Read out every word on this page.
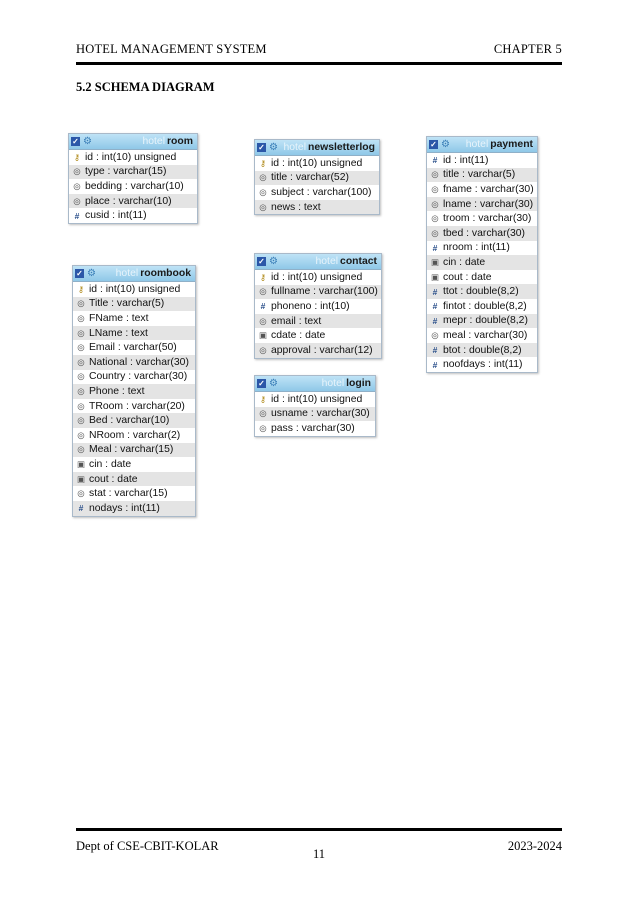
HOTEL MANAGEMENT SYSTEM	CHAPTER 5
5.2 SCHEMA DIAGRAM
✓ ⚙	hotel room
⚷ id : int(10) unsigned
◎ type : varchar(15)
◎ bedding : varchar(10)
◎ place : varchar(10)
# cusid : int(11)
✓ ⚙ hotel newsletterlog
⚷ id : int(10) unsigned
◎ title : varchar(52)
◎ subject : varchar(100)
◎ news : text
✓ ⚙ hotel payment
# id : int(11)
◎ title : varchar(5)
◎ fname : varchar(30)
◎ lname : varchar(30)
◎ troom : varchar(30)
◎ tbed : varchar(30)
# nroom : int(11)
▣ cin : date
▣ cout : date
# ttot : double(8,2)
# fintot : double(8,2)
# mepr : double(8,2)
◎ meal : varchar(30)
# btot : double(8,2)
# noofdays : int(11)
✓ ⚙ hotel roombook
⚷ id : int(10) unsigned
◎ Title : varchar(5)
◎ FName : text
◎ LName : text
◎ Email : varchar(50)
◎ National : varchar(30)
◎ Country : varchar(30)
◎ Phone : text
◎ TRoom : varchar(20)
◎ Bed : varchar(10)
◎ NRoom : varchar(2)
◎ Meal : varchar(15)
▣ cin : date
▣ cout : date
◎ stat : varchar(15)
# nodays : int(11)
✓ ⚙	hotel contact
⚷ id : int(10) unsigned
◎ fullname : varchar(100)
# phoneno : int(10)
◎ email : text
▣ cdate : date
◎ approval : varchar(12)
✓ ⚙	hotel login
⚷ id : int(10) unsigned
◎ usname : varchar(30)
◎ pass : varchar(30)
Dept of CSE-CBIT-KOLAR
11
2023-2024
